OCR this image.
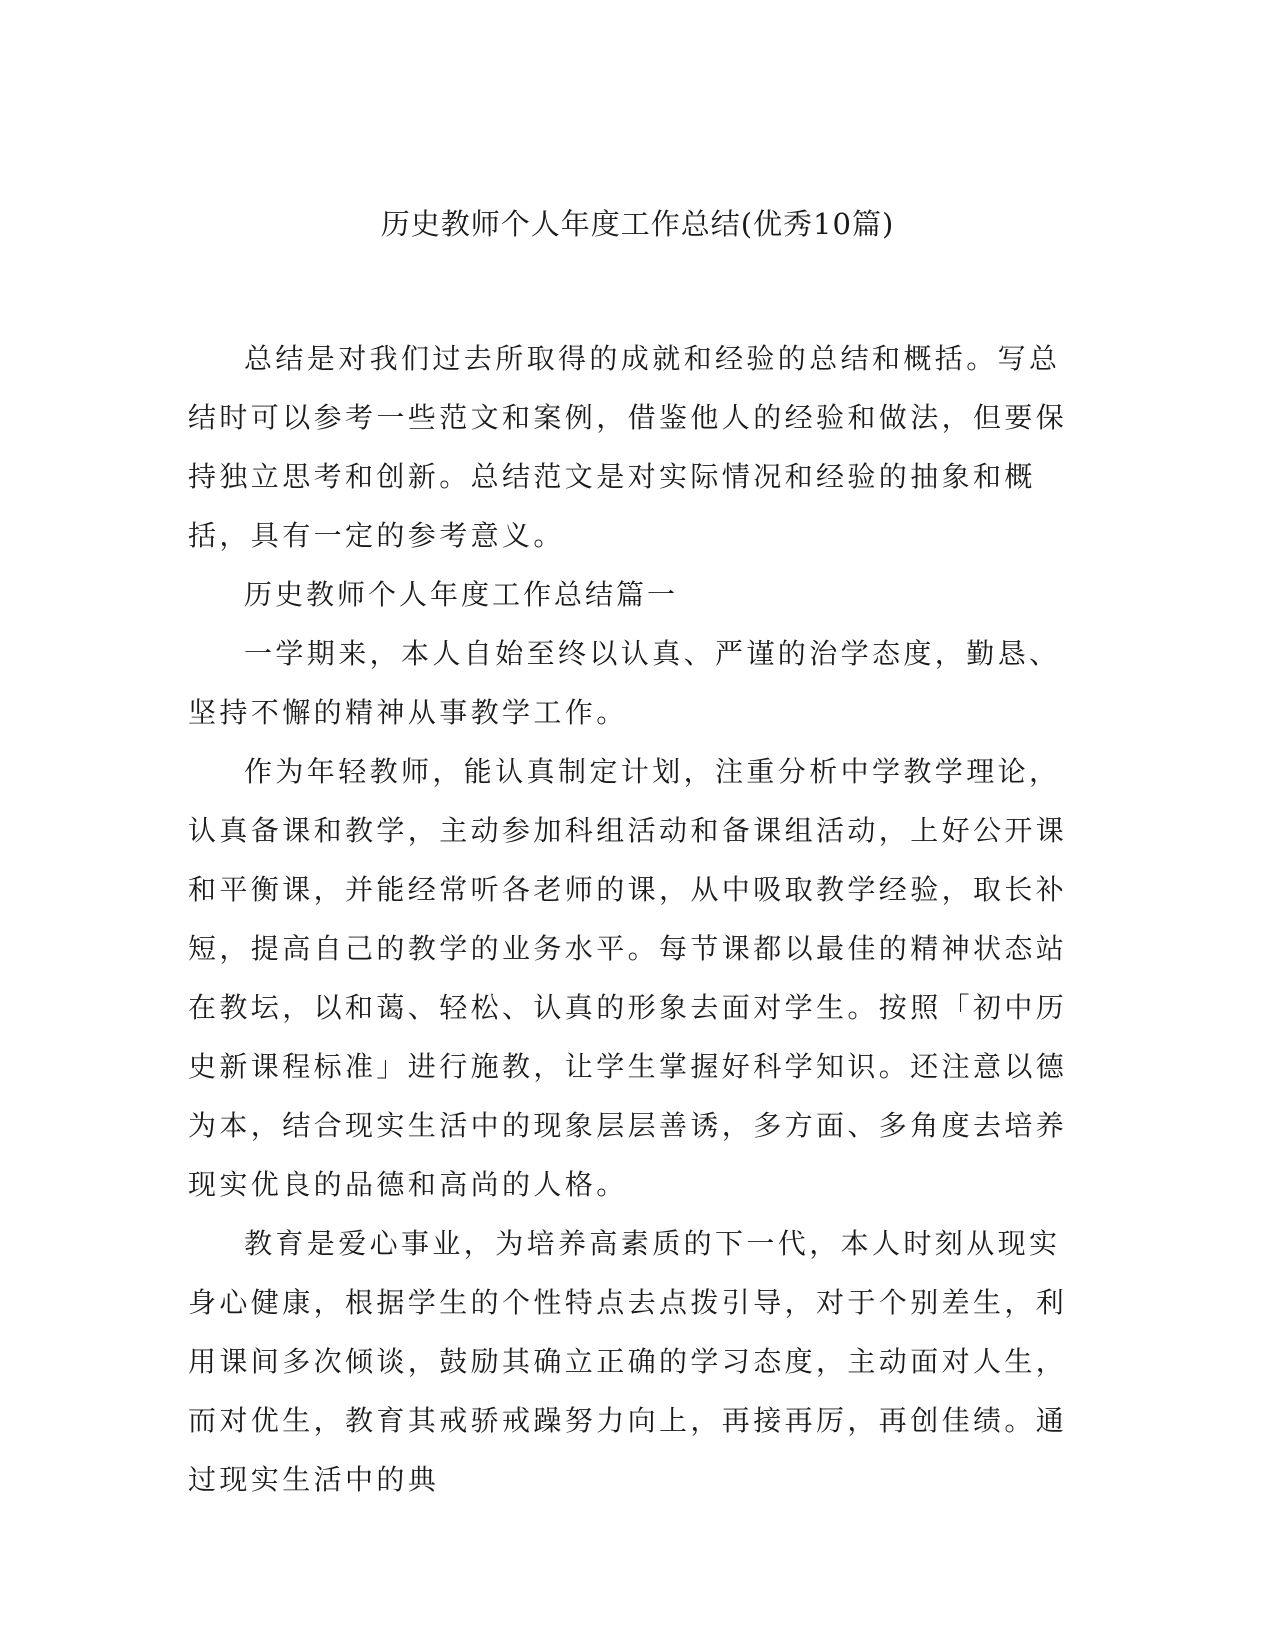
历史教师个人年度工作总结(优秀10篇)

总结是对我们过去所取得的成就和经验的总结和概括。写总结时可以参考一些范文和案例，借鉴他人的经验和做法，但要保持独立思考和创新。总结范文是对实际情况和经验的抽象和概括，具有一定的参考意义。

历史教师个人年度工作总结篇一

一学期来，本人自始至终以认真、严谨的治学态度，勤恳、坚持不懈的精神从事教学工作。

作为年轻教师，能认真制定计划，注重分析中学教学理论，认真备课和教学，主动参加科组活动和备课组活动，上好公开课和平衡课，并能经常听各老师的课，从中吸取教学经验，取长补短，提高自己的教学的业务水平。每节课都以最佳的精神状态站在教坛，以和蔼、轻松、认真的形象去面对学生。按照「初中历史新课程标准」进行施教，让学生掌握好科学知识。还注意以德为本，结合现实生活中的现象层层善诱，多方面、多角度去培养现实优良的品德和高尚的人格。

教育是爱心事业，为培养高素质的下一代，本人时刻从现实身心健康，根据学生的个性特点去点拨引导，对于个别差生，利用课间多次倾谈，鼓励其确立正确的学习态度，主动面对人生，而对优生，教育其戒骄戒躁努力向上，再接再厉，再创佳绩。通过现实生活中的典
